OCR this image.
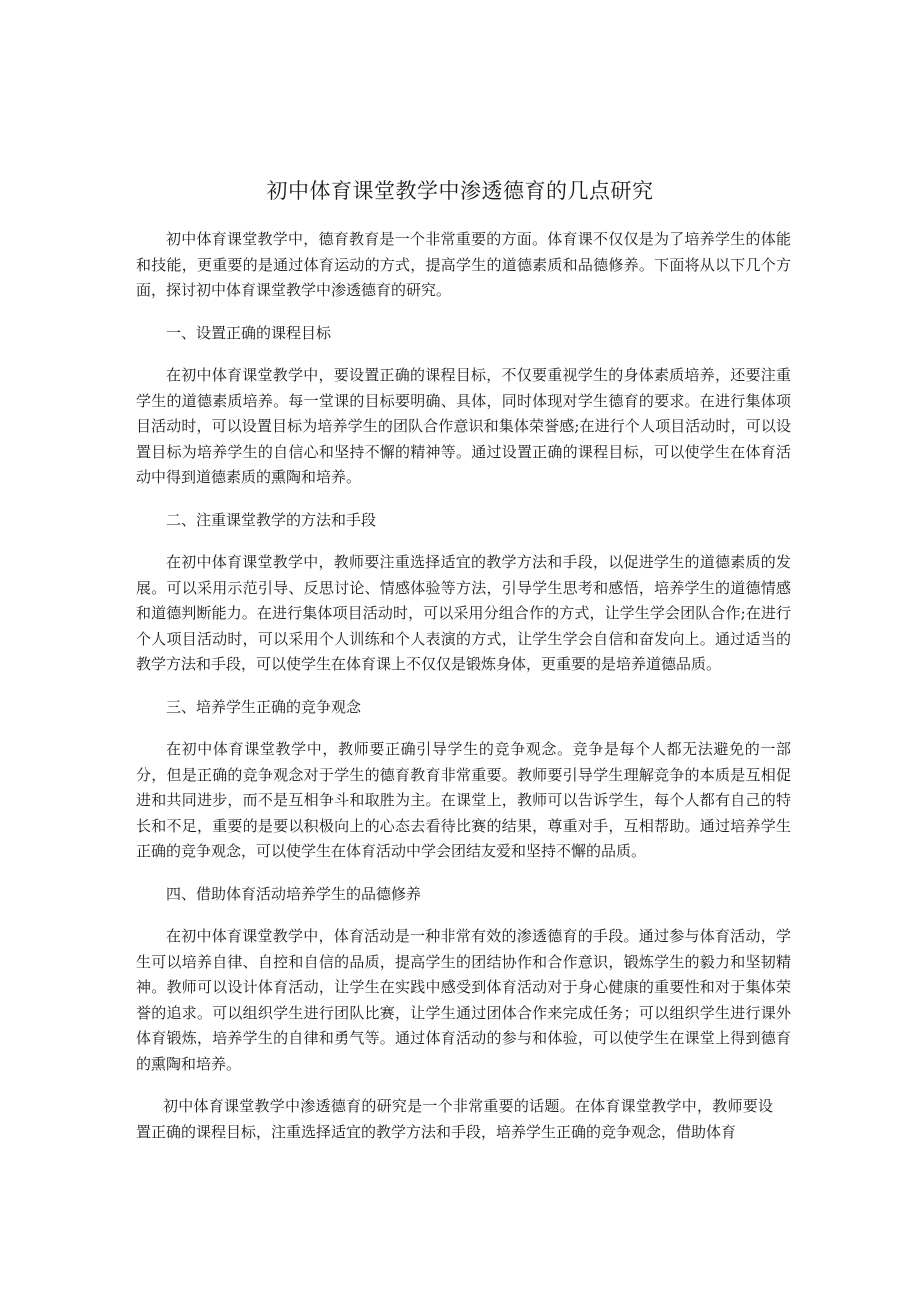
初中体育课堂教学中渗透德育的几点研究

初中体育课堂教学中，德育教育是一个非常重要的方面。体育课不仅仅是为了培养学生的体能和技能，更重要的是通过体育运动的方式，提高学生的道德素质和品德修养。下面将从以下几个方面，探讨初中体育课堂教学中渗透德育的研究。

一、设置正确的课程目标

在初中体育课堂教学中，要设置正确的课程目标，不仅要重视学生的身体素质培养，还要注重学生的道德素质培养。每一堂课的目标要明确、具体，同时体现对学生德育的要求。在进行集体项目活动时，可以设置目标为培养学生的团队合作意识和集体荣誉感;在进行个人项目活动时，可以设置目标为培养学生的自信心和坚持不懈的精神等。通过设置正确的课程目标，可以使学生在体育活动中得到道德素质的熏陶和培养。

二、注重课堂教学的方法和手段

在初中体育课堂教学中，教师要注重选择适宜的教学方法和手段，以促进学生的道德素质的发展。可以采用示范引导、反思讨论、情感体验等方法，引导学生思考和感悟，培养学生的道德情感和道德判断能力。在进行集体项目活动时，可以采用分组合作的方式，让学生学会团队合作;在进行个人项目活动时，可以采用个人训练和个人表演的方式，让学生学会自信和奋发向上。通过适当的教学方法和手段，可以使学生在体育课上不仅仅是锻炼身体，更重要的是培养道德品质。

三、培养学生正确的竞争观念

在初中体育课堂教学中，教师要正确引导学生的竞争观念。竞争是每个人都无法避免的一部分，但是正确的竞争观念对于学生的德育教育非常重要。教师要引导学生理解竞争的本质是互相促进和共同进步，而不是互相争斗和取胜为主。在课堂上，教师可以告诉学生，每个人都有自己的特长和不足，重要的是要以积极向上的心态去看待比赛的结果，尊重对手，互相帮助。通过培养学生正确的竞争观念，可以使学生在体育活动中学会团结友爱和坚持不懈的品质。

四、借助体育活动培养学生的品德修养

在初中体育课堂教学中，体育活动是一种非常有效的渗透德育的手段。通过参与体育活动，学生可以培养自律、自控和自信的品质，提高学生的团结协作和合作意识，锻炼学生的毅力和坚韧精神。教师可以设计体育活动，让学生在实践中感受到体育活动对于身心健康的重要性和对于集体荣誉的追求。可以组织学生进行团队比赛，让学生通过团体合作来完成任务；可以组织学生进行课外体育锻炼，培养学生的自律和勇气等。通过体育活动的参与和体验，可以使学生在课堂上得到德育的熏陶和培养。

初中体育课堂教学中渗透德育的研究是一个非常重要的话题。在体育课堂教学中，教师要设置正确的课程目标，注重选择适宜的教学方法和手段，培养学生正确的竞争观念，借助体育
